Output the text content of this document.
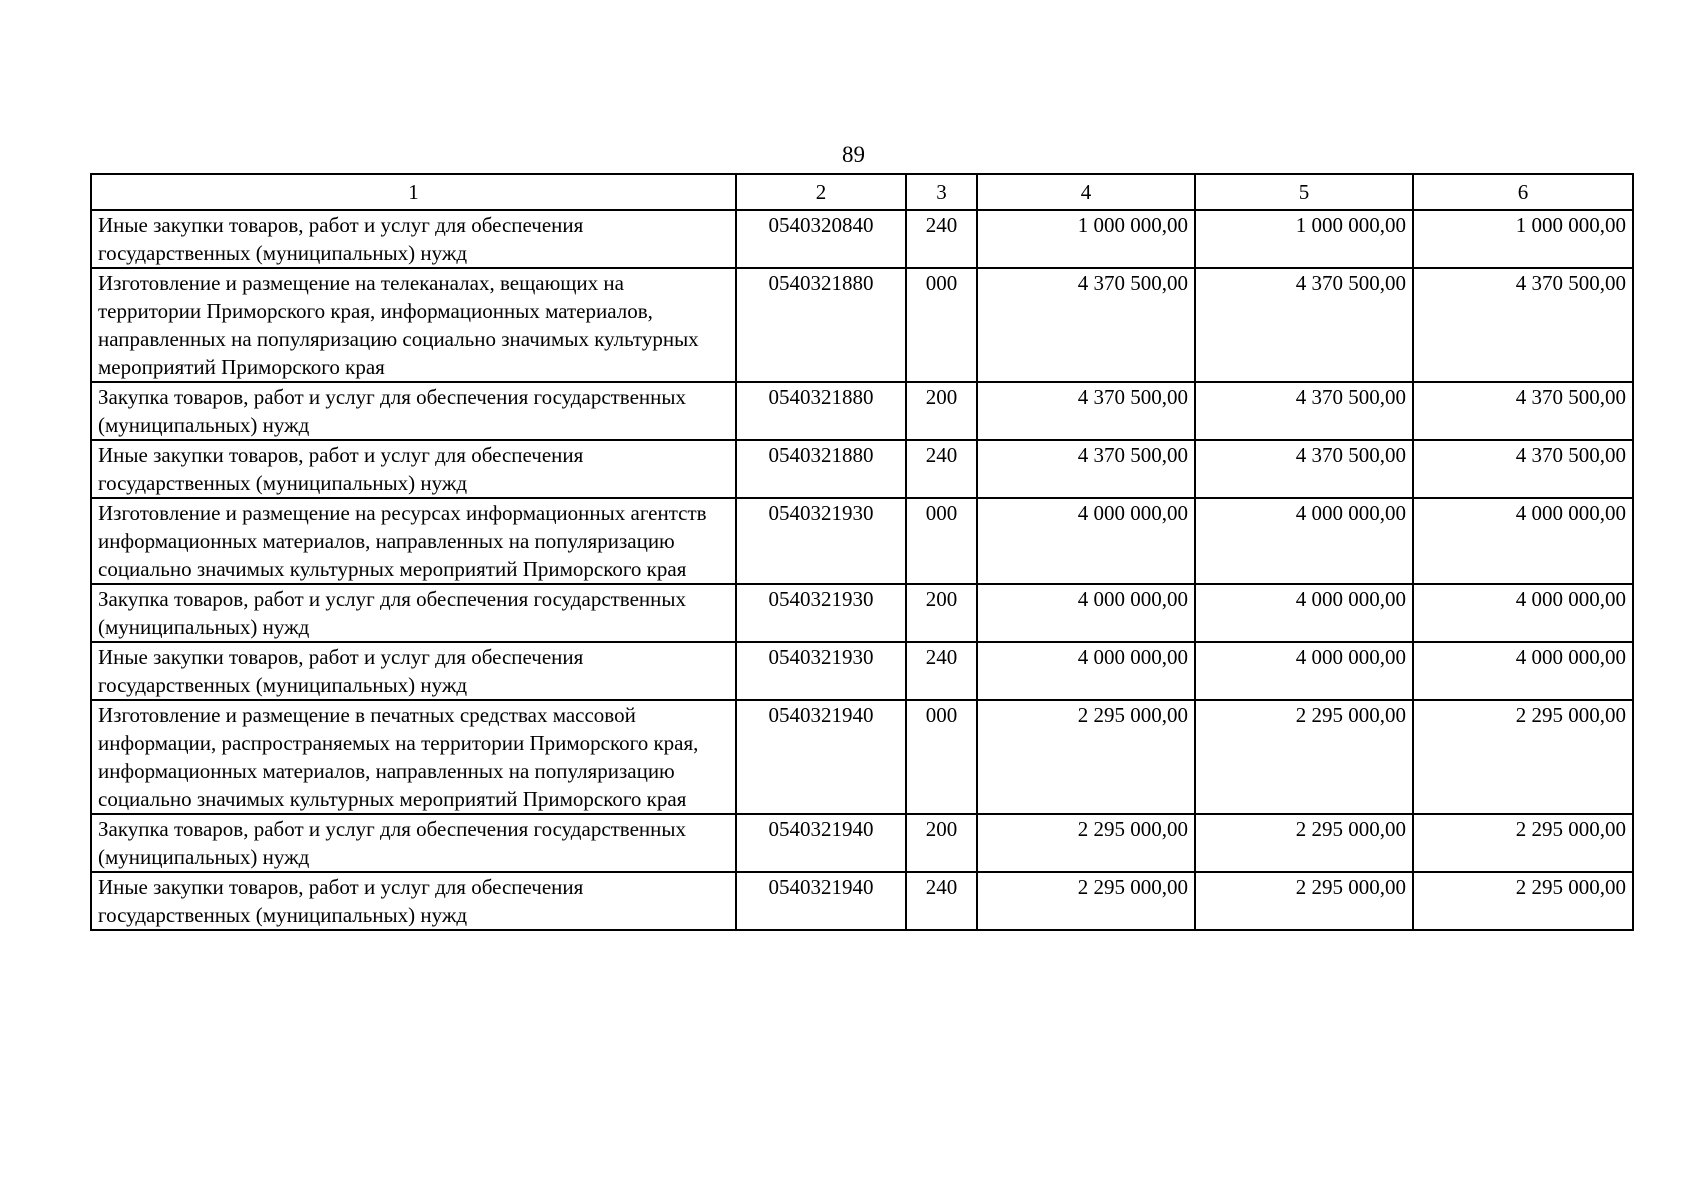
89
1	2	3	4	5	6
Иные закупки товаров, работ и услуг для обеспечения государственных (муниципальных) нужд	0540320840	240	1 000 000,00	1 000 000,00	1 000 000,00
Изготовление и размещение на телеканалах, вещающих на территории Приморского края, информационных материалов, направленных на популяризацию социально значимых культурных мероприятий Приморского края	0540321880	000	4 370 500,00	4 370 500,00	4 370 500,00
Закупка товаров, работ и услуг для обеспечения государственных (муниципальных) нужд	0540321880	200	4 370 500,00	4 370 500,00	4 370 500,00
Иные закупки товаров, работ и услуг для обеспечения государственных (муниципальных) нужд	0540321880	240	4 370 500,00	4 370 500,00	4 370 500,00
Изготовление и размещение на ресурсах информационных агентств информационных материалов, направленных на популяризацию социально значимых культурных мероприятий Приморского края	0540321930	000	4 000 000,00	4 000 000,00	4 000 000,00
Закупка товаров, работ и услуг для обеспечения государственных (муниципальных) нужд	0540321930	200	4 000 000,00	4 000 000,00	4 000 000,00
Иные закупки товаров, работ и услуг для обеспечения государственных (муниципальных) нужд	0540321930	240	4 000 000,00	4 000 000,00	4 000 000,00
Изготовление и размещение в печатных средствах массовой информации, распространяемых на территории Приморского края, информационных материалов, направленных на популяризацию социально значимых культурных мероприятий Приморского края	0540321940	000	2 295 000,00	2 295 000,00	2 295 000,00
Закупка товаров, работ и услуг для обеспечения государственных (муниципальных) нужд	0540321940	200	2 295 000,00	2 295 000,00	2 295 000,00
Иные закупки товаров, работ и услуг для обеспечения государственных (муниципальных) нужд	0540321940	240	2 295 000,00	2 295 000,00	2 295 000,00
